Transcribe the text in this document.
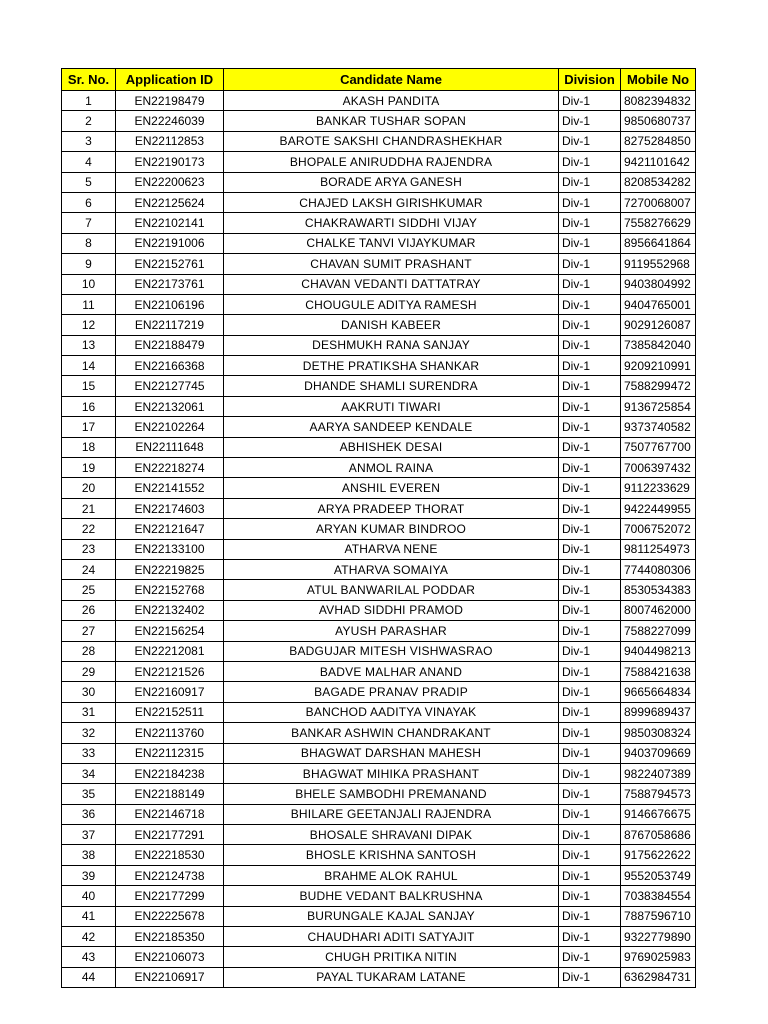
Sr. No.	Application ID	Candidate Name	Division	Mobile No
1	EN22198479	AKASH PANDITA	Div-1	8082394832
2	EN22246039	BANKAR TUSHAR SOPAN	Div-1	9850680737
3	EN22112853	BAROTE SAKSHI CHANDRASHEKHAR	Div-1	8275284850
4	EN22190173	BHOPALE ANIRUDDHA RAJENDRA	Div-1	9421101642
5	EN22200623	BORADE ARYA GANESH	Div-1	8208534282
6	EN22125624	CHAJED LAKSH GIRISHKUMAR	Div-1	7270068007
7	EN22102141	CHAKRAWARTI SIDDHI VIJAY	Div-1	7558276629
8	EN22191006	CHALKE TANVI VIJAYKUMAR	Div-1	8956641864
9	EN22152761	CHAVAN SUMIT PRASHANT	Div-1	9119552968
10	EN22173761	CHAVAN VEDANTI DATTATRAY	Div-1	9403804992
11	EN22106196	CHOUGULE ADITYA RAMESH	Div-1	9404765001
12	EN22117219	DANISH KABEER	Div-1	9029126087
13	EN22188479	DESHMUKH RANA SANJAY	Div-1	7385842040
14	EN22166368	DETHE PRATIKSHA SHANKAR	Div-1	9209210991
15	EN22127745	DHANDE SHAMLI SURENDRA	Div-1	7588299472
16	EN22132061	AAKRUTI TIWARI	Div-1	9136725854
17	EN22102264	AARYA SANDEEP KENDALE	Div-1	9373740582
18	EN22111648	ABHISHEK DESAI	Div-1	7507767700
19	EN22218274	ANMOL RAINA	Div-1	7006397432
20	EN22141552	ANSHIL EVEREN	Div-1	9112233629
21	EN22174603	ARYA PRADEEP THORAT	Div-1	9422449955
22	EN22121647	ARYAN KUMAR BINDROO	Div-1	7006752072
23	EN22133100	ATHARVA NENE	Div-1	9811254973
24	EN22219825	ATHARVA SOMAIYA	Div-1	7744080306
25	EN22152768	ATUL BANWARILAL PODDAR	Div-1	8530534383
26	EN22132402	AVHAD SIDDHI PRAMOD	Div-1	8007462000
27	EN22156254	AYUSH PARASHAR	Div-1	7588227099
28	EN22212081	BADGUJAR MITESH VISHWASRAO	Div-1	9404498213
29	EN22121526	BADVE MALHAR ANAND	Div-1	7588421638
30	EN22160917	BAGADE PRANAV PRADIP	Div-1	9665664834
31	EN22152511	BANCHOD AADITYA VINAYAK	Div-1	8999689437
32	EN22113760	BANKAR ASHWIN CHANDRAKANT	Div-1	9850308324
33	EN22112315	BHAGWAT DARSHAN MAHESH	Div-1	9403709669
34	EN22184238	BHAGWAT MIHIKA PRASHANT	Div-1	9822407389
35	EN22188149	BHELE SAMBODHI PREMANAND	Div-1	7588794573
36	EN22146718	BHILARE GEETANJALI RAJENDRA	Div-1	9146676675
37	EN22177291	BHOSALE SHRAVANI DIPAK	Div-1	8767058686
38	EN22218530	BHOSLE KRISHNA SANTOSH	Div-1	9175622622
39	EN22124738	BRAHME ALOK RAHUL	Div-1	9552053749
40	EN22177299	BUDHE VEDANT BALKRUSHNA	Div-1	7038384554
41	EN22225678	BURUNGALE KAJAL SANJAY	Div-1	7887596710
42	EN22185350	CHAUDHARI ADITI SATYAJIT	Div-1	9322779890
43	EN22106073	CHUGH PRITIKA NITIN	Div-1	9769025983
44	EN22106917	PAYAL TUKARAM LATANE	Div-1	6362984731
